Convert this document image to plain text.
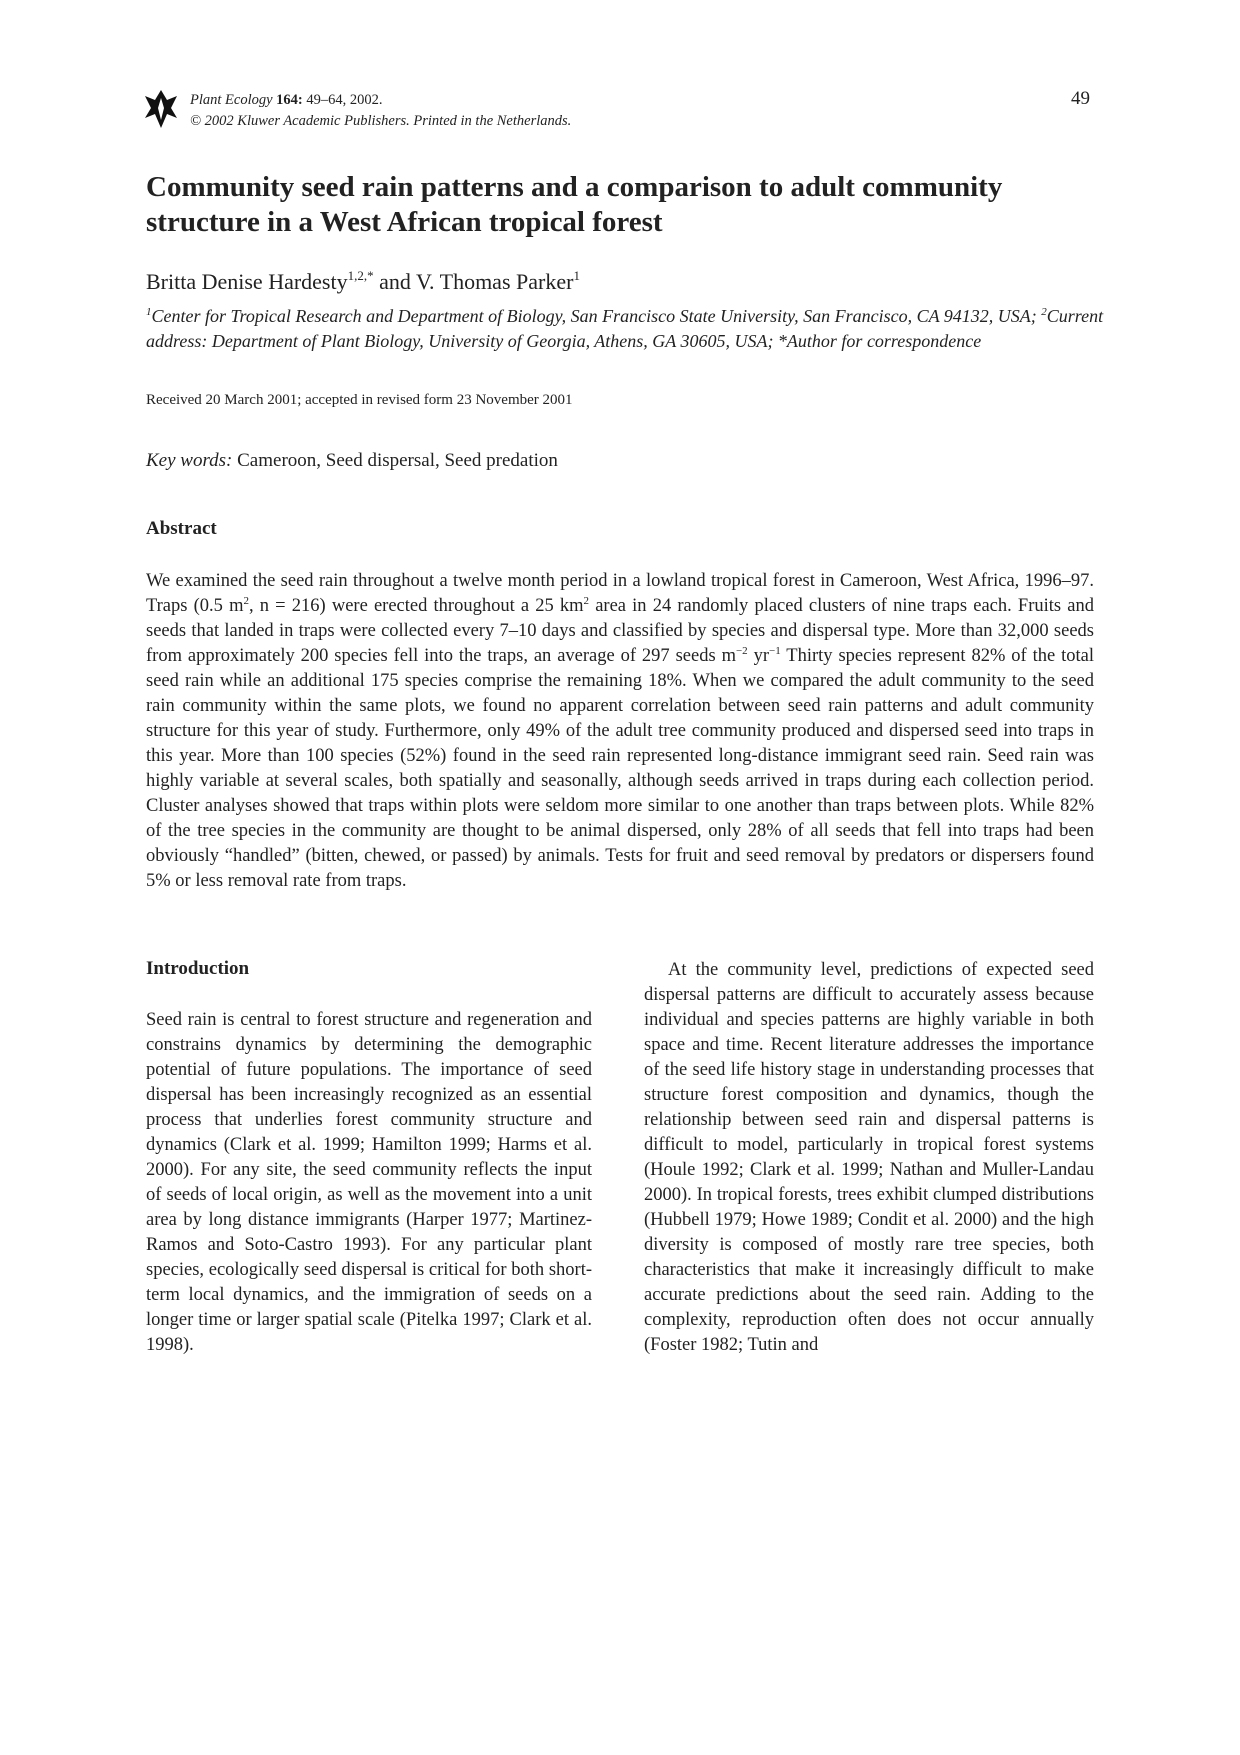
Plant Ecology 164: 49–64, 2002.
© 2002 Kluwer Academic Publishers. Printed in the Netherlands.
49
Community seed rain patterns and a comparison to adult community structure in a West African tropical forest
Britta Denise Hardesty$^{1,2,*}$ and V. Thomas Parker$^1$
$^1$Center for Tropical Research and Department of Biology, San Francisco State University, San Francisco, CA 94132, USA; $^2$Current address: Department of Plant Biology, University of Georgia, Athens, GA 30605, USA; *Author for correspondence
Received 20 March 2001; accepted in revised form 23 November 2001
Key words: Cameroon, Seed dispersal, Seed predation
Abstract

We examined the seed rain throughout a twelve month period in a lowland tropical forest in Cameroon, West Africa, 1996–97. Traps (0.5 $m^2$, n = 216) were erected throughout a 25 $km^2$ area in 24 randomly placed clusters of nine traps each. Fruits and seeds that landed in traps were collected every 7–10 days and classified by species and dispersal type. More than 32,000 seeds from approximately 200 species fell into the traps, an average of 297 seeds $m^{-2}$ $yr^{-1}$ Thirty species represent 82% of the total seed rain while an additional 175 species comprise the remaining 18%. When we compared the adult community to the seed rain community within the same plots, we found no apparent correlation between seed rain patterns and adult community structure for this year of study. Furthermore, only 49% of the adult tree community produced and dispersed seed into traps in this year. More than 100 species (52%) found in the seed rain represented long-distance immigrant seed rain. Seed rain was highly variable at several scales, both spatially and seasonally, although seeds arrived in traps during each collection period. Cluster analyses showed that traps within plots were seldom more similar to one another than traps between plots. While 82% of the tree species in the community are thought to be animal dispersed, only 28% of all seeds that fell into traps had been obviously “handled” (bitten, chewed, or passed) by animals. Tests for fruit and seed removal by predators or dispersers found 5% or less removal rate from traps.

Introduction

Seed rain is central to forest structure and regeneration and constrains dynamics by determining the demographic potential of future populations. The importance of seed dispersal has been increasingly recognized as an essential process that underlies forest community structure and dynamics (Clark et al. 1999; Hamilton 1999; Harms et al. 2000). For any site, the seed community reflects the input of seeds of local origin, as well as the movement into a unit area by long distance immigrants (Harper 1977; Martinez-Ramos and Soto-Castro 1993). For any particular plant species, ecologically seed dispersal is critical for both short-term local dynamics, and the immigration of seeds on a longer time or larger spatial scale (Pitelka 1997; Clark et al. 1998).

At the community level, predictions of expected seed dispersal patterns are difficult to accurately assess because individual and species patterns are highly variable in both space and time. Recent literature addresses the importance of the seed life history stage in understanding processes that structure forest composition and dynamics, though the relationship between seed rain and dispersal patterns is difficult to model, particularly in tropical forest systems (Houle 1992; Clark et al. 1999; Nathan and Muller-Landau 2000). In tropical forests, trees exhibit clumped distributions (Hubbell 1979; Howe 1989; Condit et al. 2000) and the high diversity is composed of mostly rare tree species, both characteristics that make it increasingly difficult to make accurate predictions about the seed rain. Adding to the complexity, reproduction often does not occur annually (Foster 1982; Tutin and
